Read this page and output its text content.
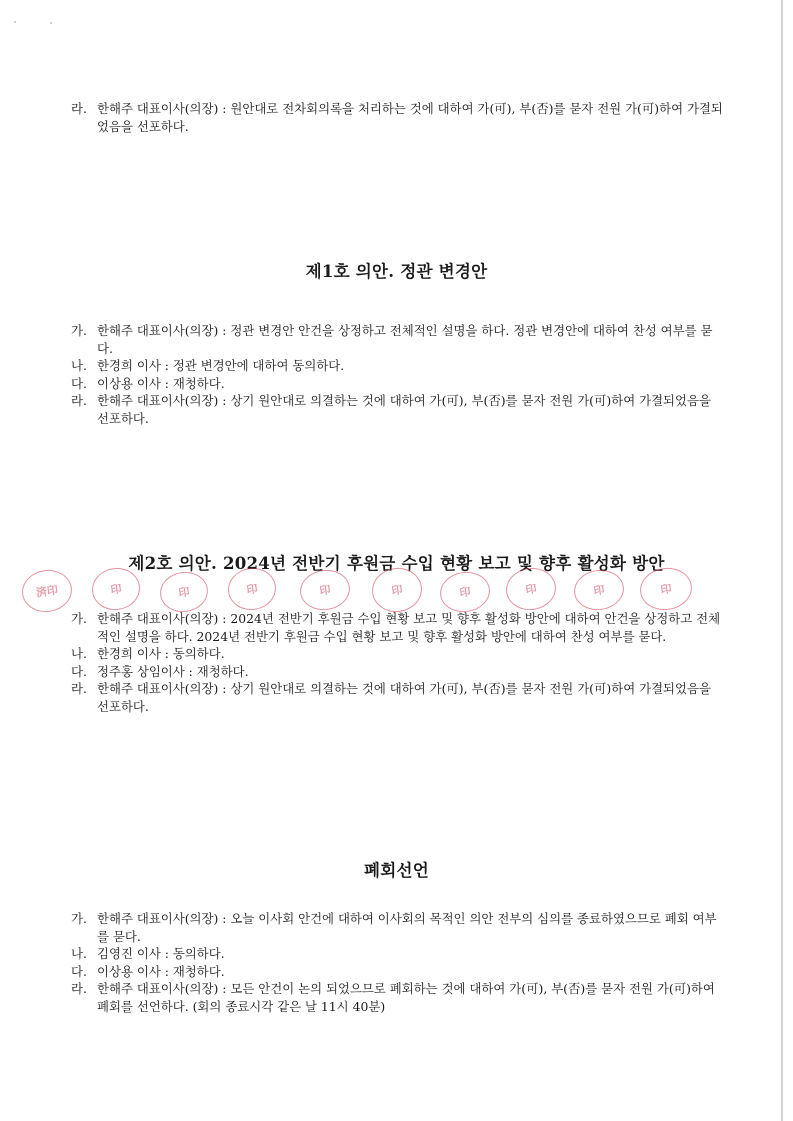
라. 한해주 대표이사(의장) : 원안대로 전차회의록을 처리하는 것에 대하여 가(可), 부(否)를 묻자 전원 가(可)하여 가결되었음을 선포하다.
제1호 의안. 정관 변경안
가. 한해주 대표이사(의장) : 정관 변경안 안건을 상정하고 전체적인 설명을 하다. 정관 변경안에 대하여 찬성 여부를 묻다.
나. 한경희 이사 : 정관 변경안에 대하여 동의하다.
다. 이상용 이사 : 재청하다.
라. 한해주 대표이사(의장) : 상기 원안대로 의결하는 것에 대하여 가(可), 부(否)를 묻자 전원 가(可)하여 가결되었음을 선포하다.
제2호 의안. 2024년 전반기 후원금 수입 현황 보고 및 향후 활성화 방안
済印	印	印	印	印	印	印	印	印	印
가. 한해주 대표이사(의장) : 2024년 전반기 후원금 수입 현황 보고 및 향후 활성화 방안에 대하여 안건을 상정하고 전체적인 설명을 하다. 2024년 전반기 후원금 수입 현황 보고 및 향후 활성화 방안에 대하여 찬성 여부를 묻다.
나. 한경희 이사 : 동의하다.
다. 정주홍 상임이사 : 재청하다.
라. 한해주 대표이사(의장) : 상기 원안대로 의결하는 것에 대하여 가(可), 부(否)를 묻자 전원 가(可)하여 가결되었음을 선포하다.
폐회선언
가. 한해주 대표이사(의장) : 오늘 이사회 안건에 대하여 이사회의 목적인 의안 전부의 심의를 종료하였으므로 폐회 여부를 묻다.
나. 김영진 이사 : 동의하다.
다. 이상용 이사 : 재청하다.
라. 한해주 대표이사(의장) : 모든 안건이 논의 되었으므로 폐회하는 것에 대하여 가(可), 부(否)를 묻자 전원 가(可)하여 폐회를 선언하다. (회의 종료시각 같은 날 11시 40분)
